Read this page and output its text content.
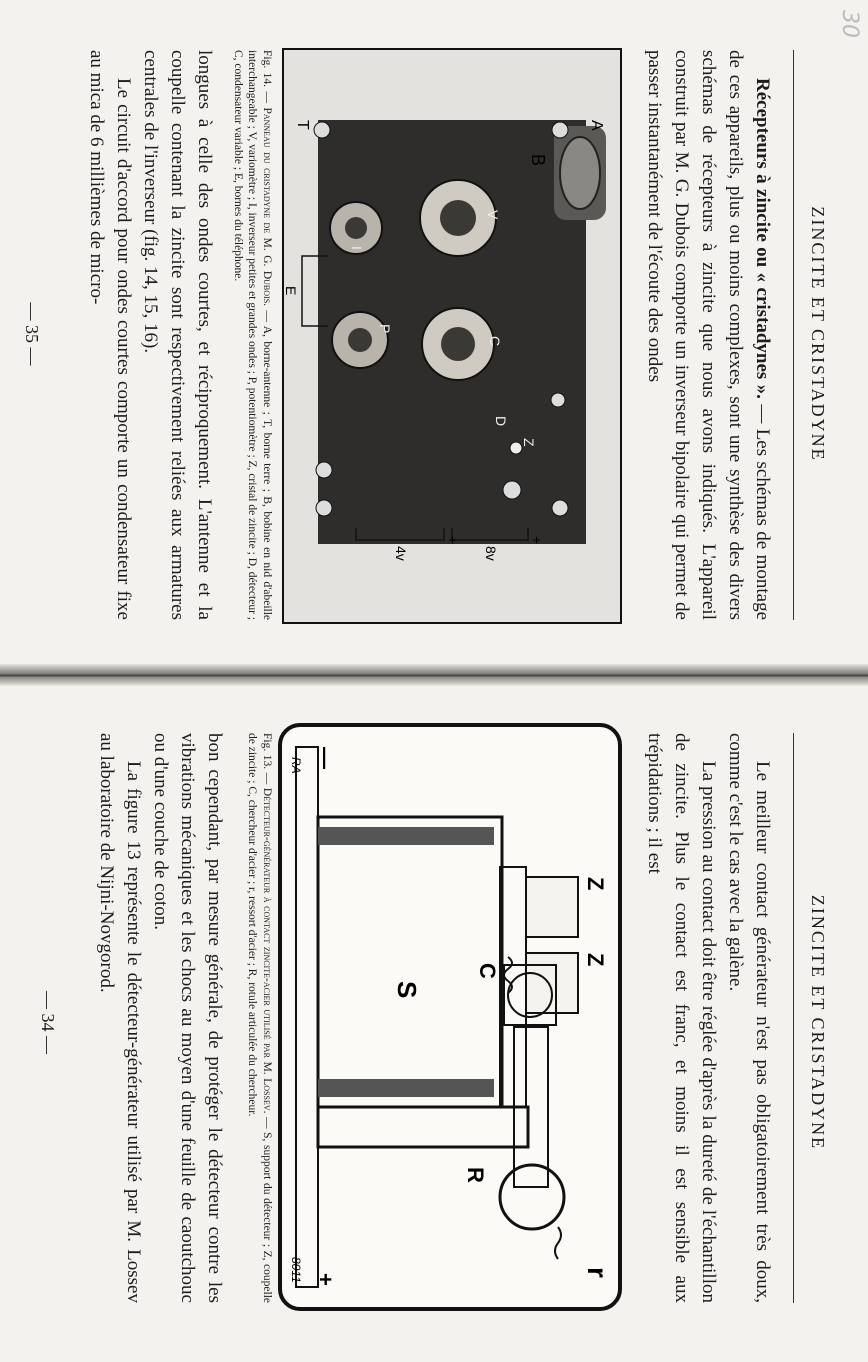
ZINCITE ET CRISTADYNE

Récepteurs à zincite ou « cristadynes ». — Les schémas de montage de ces appareils, plus ou moins complexes, sont une synthèse des divers schémas de récepteurs à zincite que nous avons indiqués. L'appareil construit par M. G. Dubois comporte un inverseur bipolaire qui permet de passer instantanément de l'écoute des ondes

A
B
V
T
I
P
Z
D
C
E
8v
4v
+
+
Fig. 14. — Panneau du cristadyne de M. G. Dubois. — A, borne-antenne ; T, borne terre ; B, bobine en nid d'abeille interchangeable ; V, variomètre ; I, inverseur petites et grandes ondes ; P, potentiomètre ; Z, cristal de zincite ; D, détecteur ; C, condensateur variable ; E, bornes du téléphone.

longues à celle des ondes courtes, et réciproquement. L'antenne et la coupelle contenant la zincite sont respectivement reliées aux armatures centrales de l'inverseur (fig. 14, 15, 16).

Le circuit d'accord pour ondes courtes comporte un condensateur fixe au mica de 6 millièmes de micro-

— 35 —
30
ZINCITE ET CRISTADYNE

Le meilleur contact générateur n'est pas obligatoirement très doux, comme c'est le cas avec la galène.

La pression au contact doit être réglée d'après la dureté de l'échantillon de zincite. Plus le contact est franc, et moins il est sensible aux trépidations ; il est

—
+
RA
8011	r
R
C
Z
Z
S
Fig. 13. — Détecteur-générateur à contact zincite-acier utilisé par M. Lossev. — S, support du détecteur ; Z, coupelle de zincite ; C, chercheur d'acier ; r, ressort d'acier ; R, rotule articulée du chercheur.

bon cependant, par mesure générale, de protéger le détecteur contre les vibrations mécaniques et les chocs au moyen d'une feuille de caoutchouc ou d'une couche de coton.

La figure 13 représente le détecteur-générateur utilisé par M. Lossev au laboratoire de Nijni-Novgorod.

— 34 —
